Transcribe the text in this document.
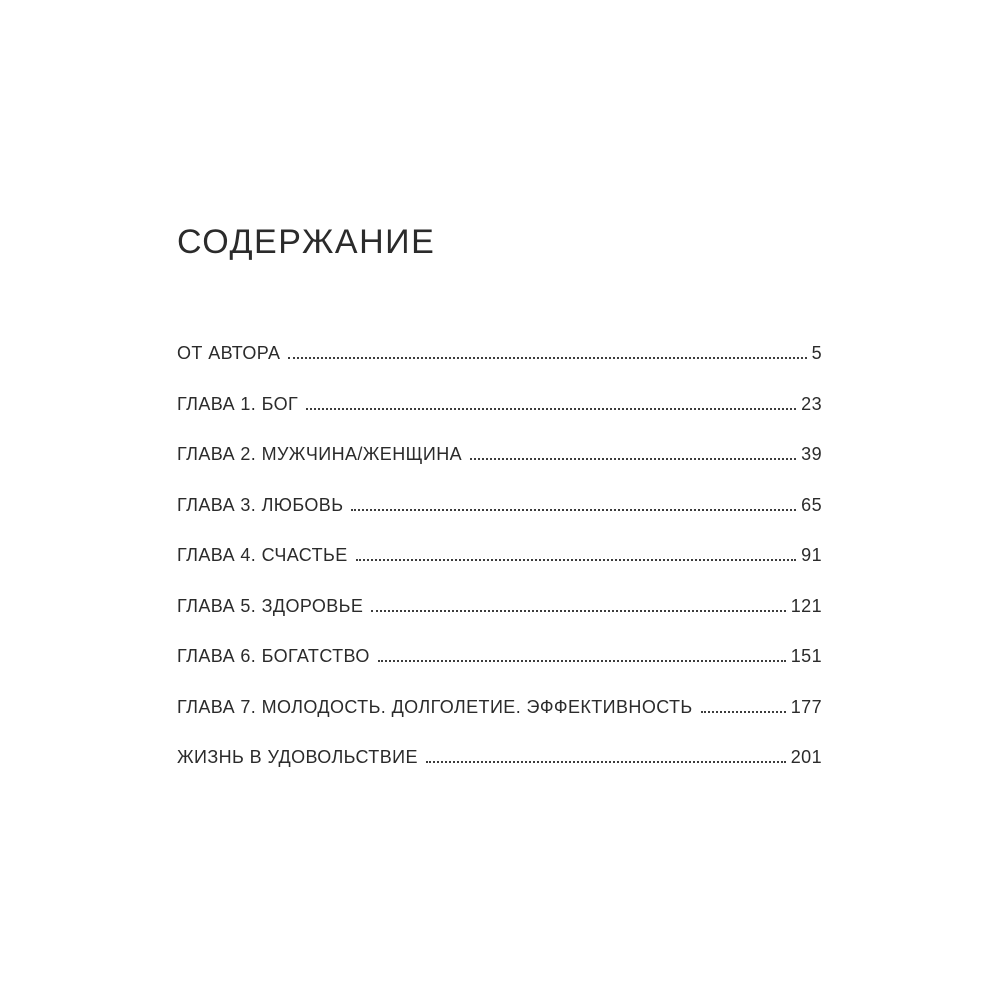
СОДЕРЖАНИЕ
ОТ АВТОРА	5
ГЛАВА 1. БОГ	23
ГЛАВА 2. МУЖЧИНА/ЖЕНЩИНА	39
ГЛАВА 3. ЛЮБОВЬ	65
ГЛАВА 4. СЧАСТЬЕ	91
ГЛАВА 5. ЗДОРОВЬЕ	121
ГЛАВА 6. БОГАТСТВО	151
ГЛАВА 7. МОЛОДОСТЬ. ДОЛГОЛЕТИЕ. ЭФФЕКТИВНОСТЬ	177
ЖИЗНЬ В УДОВОЛЬСТВИЕ	201
